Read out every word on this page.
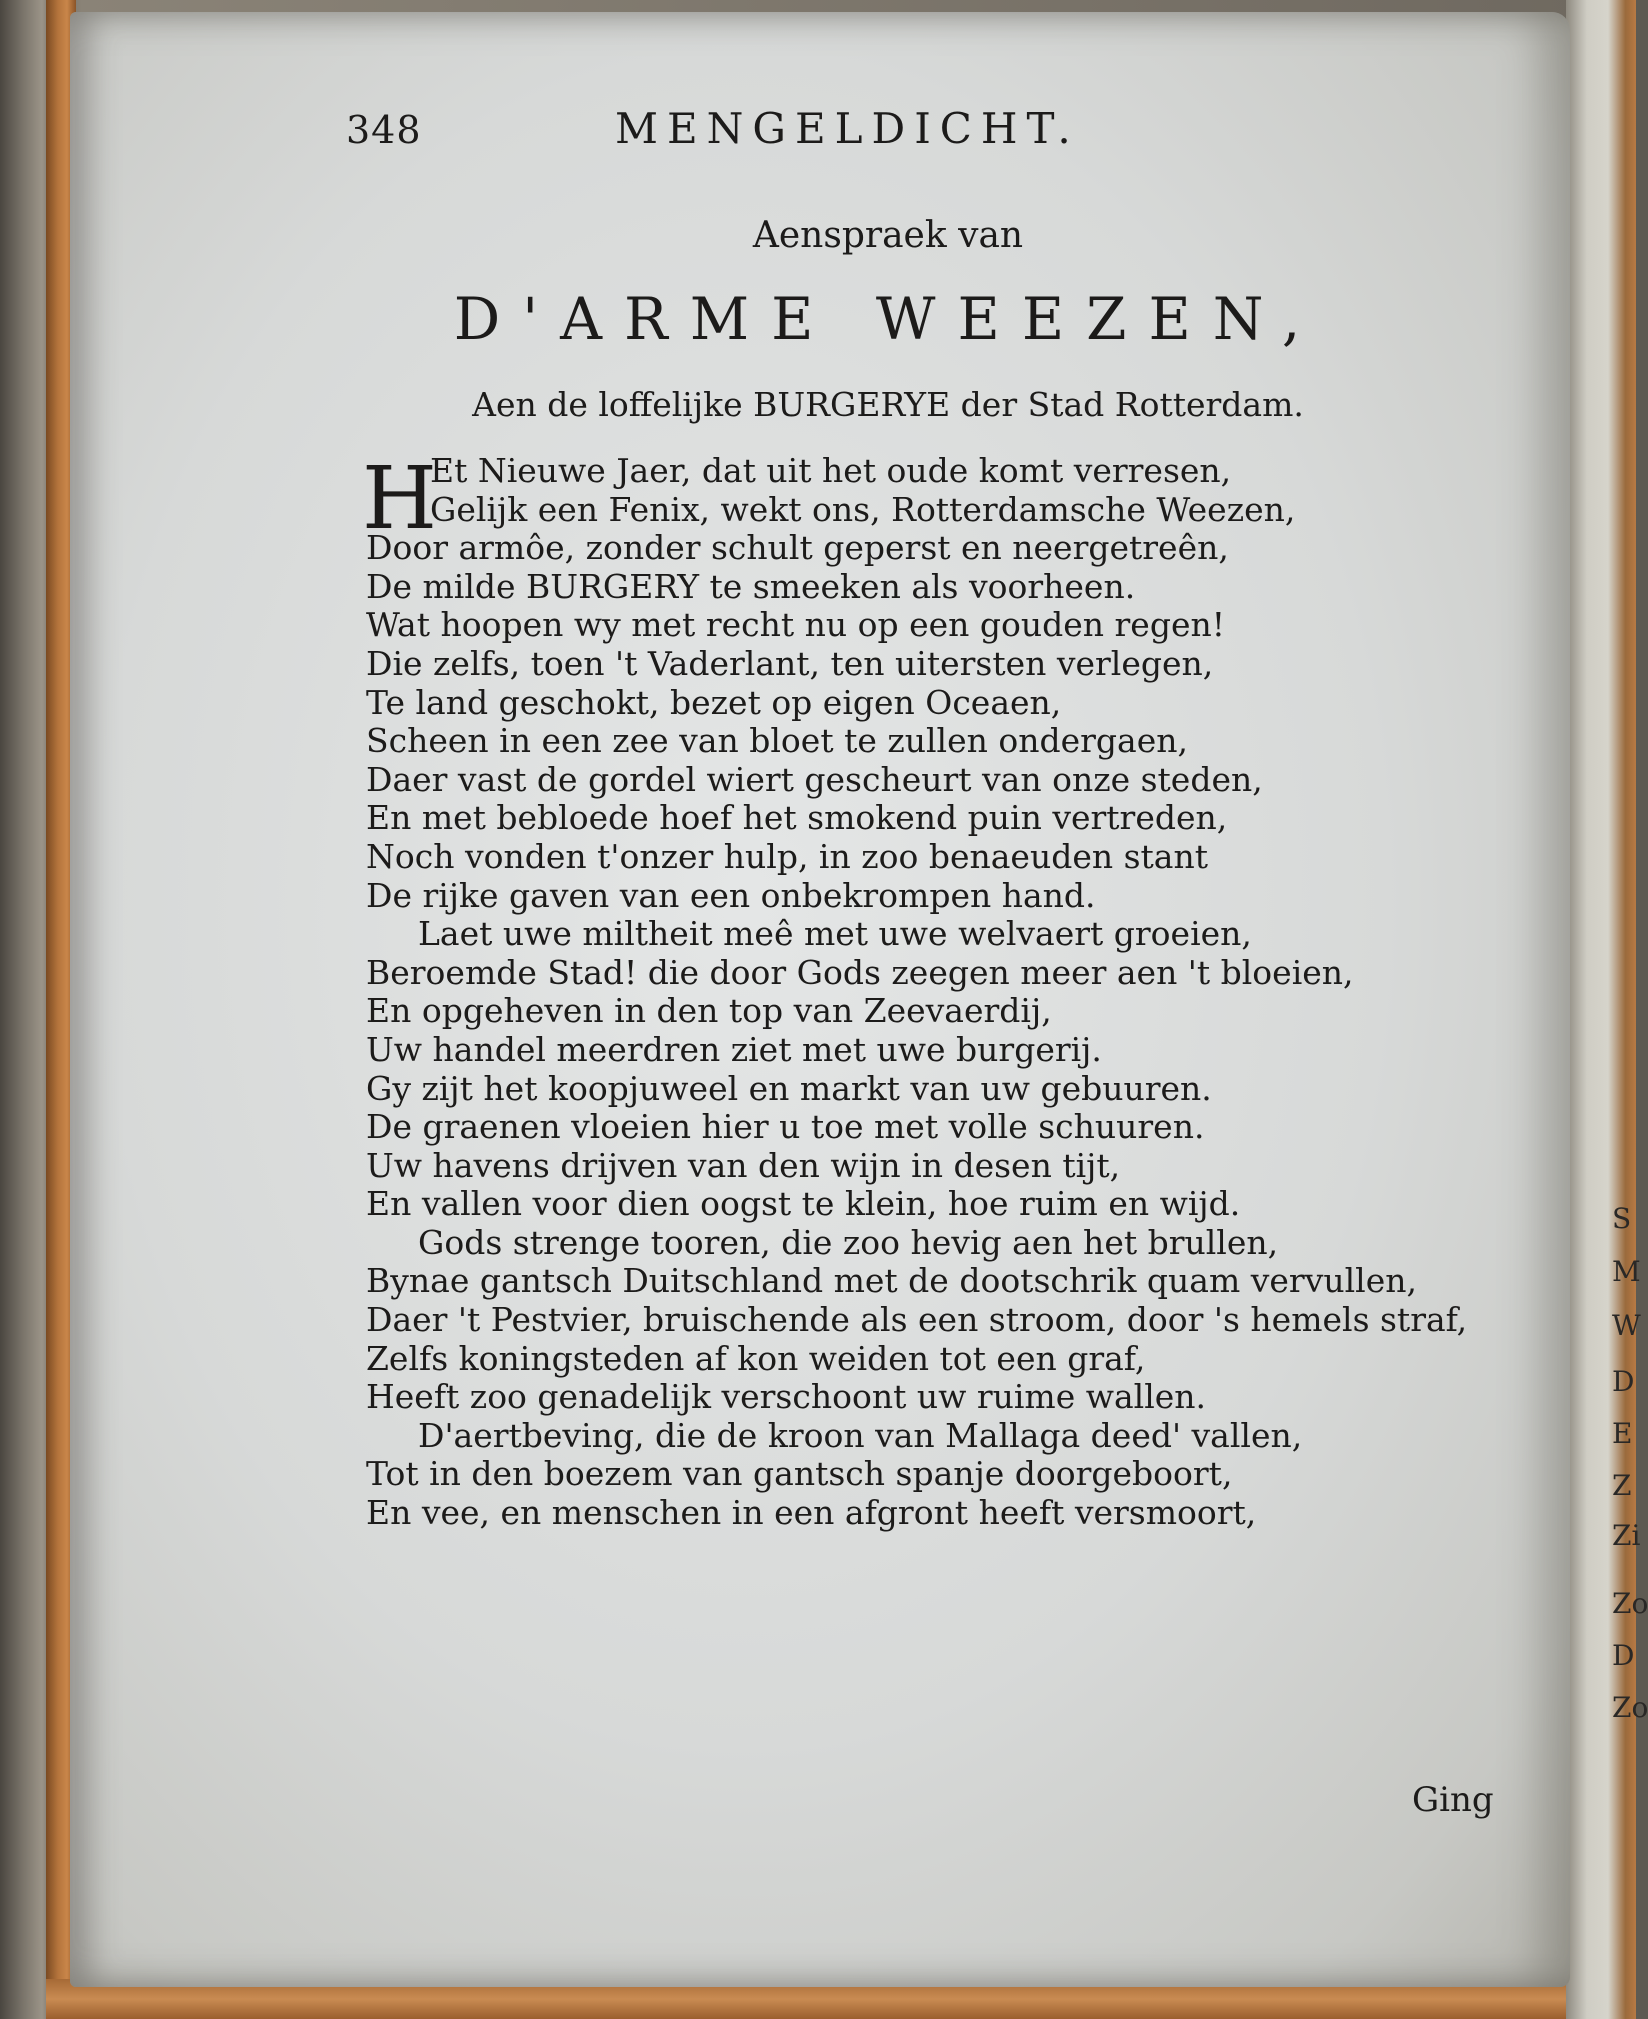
348	MENGELDICHT.
Aenspraek van
D'ARME WEEZEN,
Aen de loffelijke BURGERYE der Stad Rotterdam.
H
Et Nieuwe Jaer, dat uit het oude komt verresen,
Gelijk een Fenix, wekt ons, Rotterdamsche Weezen,
Door armôe, zonder schult geperst en neergetreên,
De milde BURGERY te smeeken als voorheen.
Wat hoopen wy met recht nu op een gouden regen!
Die zelfs, toen 't Vaderlant, ten uitersten verlegen,
Te land geschokt, bezet op eigen Oceaen,
Scheen in een zee van bloet te zullen ondergaen,
Daer vast de gordel wiert gescheurt van onze steden,
En met bebloede hoef het smokend puin vertreden,
Noch vonden t'onzer hulp, in zoo benaeuden stant
De rijke gaven van een onbekrompen hand.
Laet uwe miltheit meê met uwe welvaert groeien,
Beroemde Stad! die door Gods zeegen meer aen 't bloeien,
En opgeheven in den top van Zeevaerdij,
Uw handel meerdren ziet met uwe burgerij.
Gy zijt het koopjuweel en markt van uw gebuuren.
De graenen vloeien hier u toe met volle schuuren.
Uw havens drijven van den wijn in desen tijt,
En vallen voor dien oogst te klein, hoe ruim en wijd.
Gods strenge tooren, die zoo hevig aen het brullen,
Bynae gantsch Duitschland met de dootschrik quam vervullen,
Daer 't Pestvier, bruischende als een stroom, door 's hemels straf,
Zelfs koningsteden af kon weiden tot een graf,
Heeft zoo genadelijk verschoont uw ruime wallen.
D'aertbeving, die de kroon van Mallaga deed' vallen,
Tot in den boezem van gantsch spanje doorgeboort,
En vee, en menschen in een afgront heeft versmoort,
Ging
S
M
W
D
E
Z
Zi
Zo
D
Zo
